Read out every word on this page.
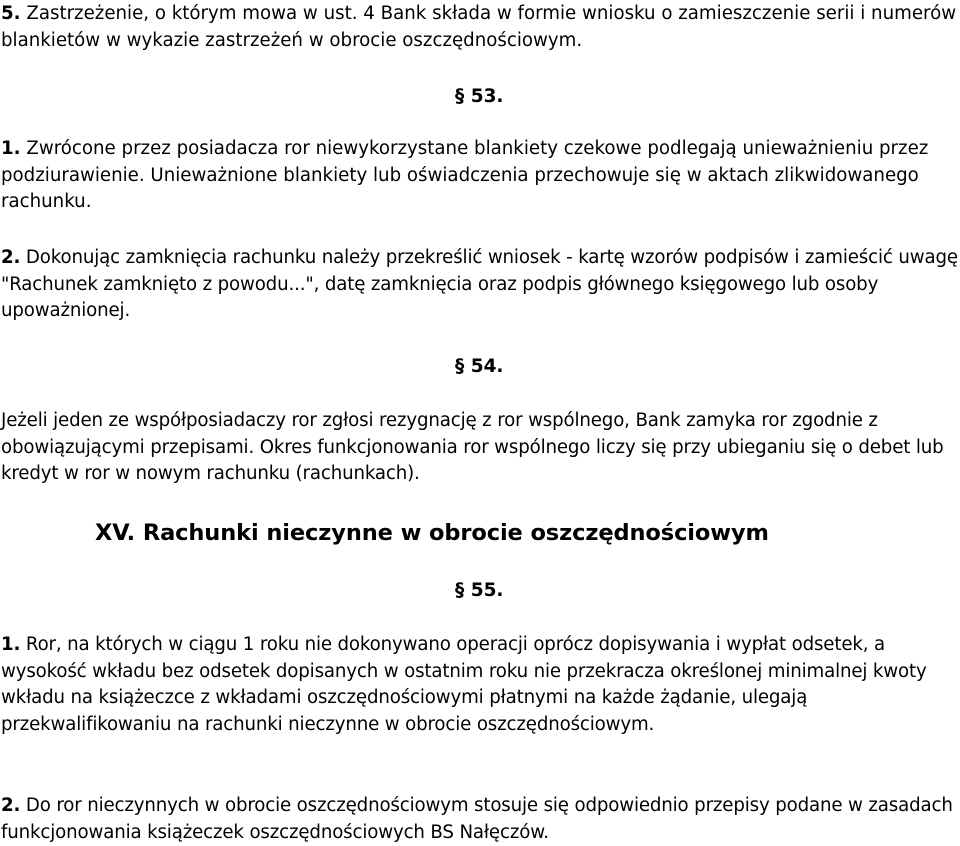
5. Zastrzeżenie, o którym mowa w ust. 4 Bank składa w formie wniosku o zamieszczenie serii i numerów blankietów w wykazie zastrzeżeń w obrocie oszczędnościowym.
§ 53.
1. Zwrócone przez posiadacza ror niewykorzystane blankiety czekowe podlegają unieważnieniu przez podziurawienie. Unieważnione blankiety lub oświadczenia przechowuje się w aktach zlikwidowanego rachunku.
2. Dokonując zamknięcia rachunku należy przekreślić wniosek - kartę wzorów podpisów i zamieścić uwagę "Rachunek zamknięto z powodu...", datę zamknięcia oraz podpis głównego księgowego lub osoby upoważnionej.
§ 54.
Jeżeli jeden ze współposiadaczy ror zgłosi rezygnację z ror wspólnego, Bank zamyka ror zgodnie z obowiązującymi przepisami. Okres funkcjonowania ror wspólnego liczy się przy ubieganiu się o debet lub kredyt w ror w nowym rachunku (rachunkach).
XV. Rachunki nieczynne w obrocie oszczędnościowym
§ 55.
1. Ror, na których w ciągu 1 roku nie dokonywano operacji oprócz dopisywania i wypłat odsetek, a wysokość wkładu bez odsetek dopisanych w ostatnim roku nie przekracza określonej minimalnej kwoty wkładu na książeczce z wkładami oszczędnościowymi płatnymi na każde żądanie, ulegają przekwalifikowaniu na rachunki nieczynne w obrocie oszczędnościowym.
2. Do ror nieczynnych w obrocie oszczędnościowym stosuje się odpowiednio przepisy podane w zasadach funkcjonowania książeczek oszczędnościowych BS Nałęczów.
